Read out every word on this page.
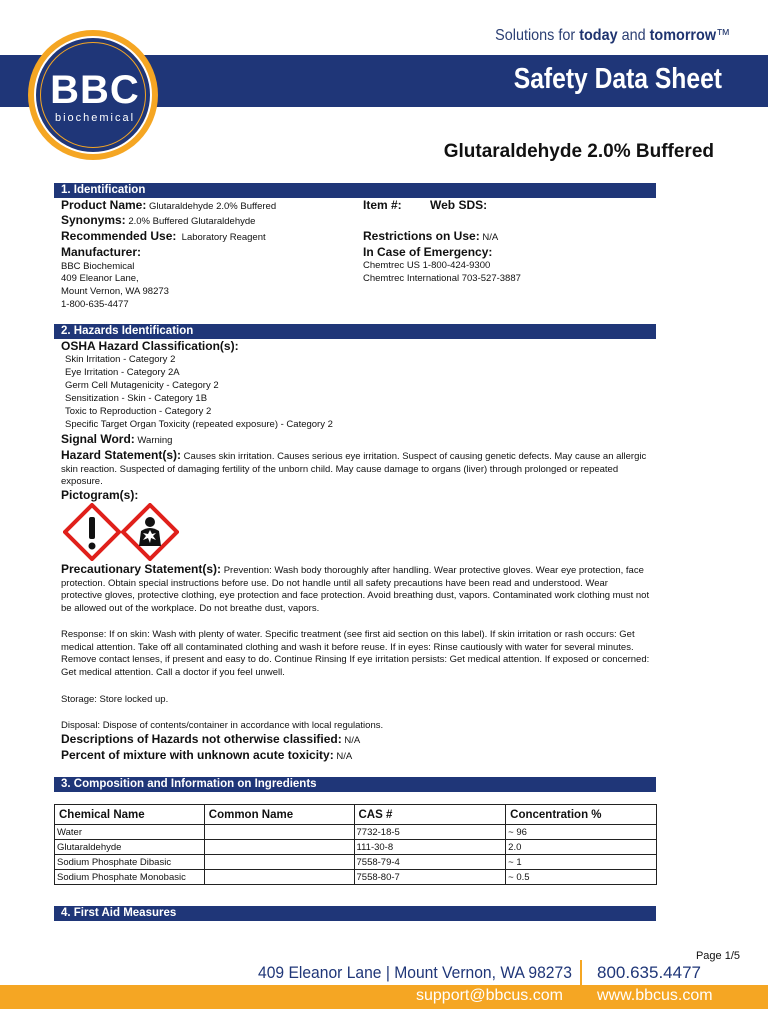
Solutions for today and tomorrow™
Safety Data Sheet
BBC
biochemical
Glutaraldehyde 2.0% Buffered
1. Identification
Product Name: Glutaraldehyde 2.0% Buffered
Synonyms: 2.0% Buffered Glutaraldehyde
Recommended Use: Laboratory Reagent
Manufacturer:
BBC Biochemical
409 Eleanor Lane,
Mount Vernon, WA 98273
1-800-635-4477
Item #: Web SDS:
Restrictions on Use: N/A
In Case of Emergency:
Chemtrec US 1-800-424-9300
Chemtrec International 703-527-3887
2. Hazards Identification
OSHA Hazard Classification(s):
Skin Irritation - Category 2
Eye Irritation - Category 2A
Germ Cell Mutagenicity - Category 2
Sensitization - Skin - Category 1B
Toxic to Reproduction - Category 2
Specific Target Organ Toxicity (repeated exposure) - Category 2
Signal Word: Warning
Hazard Statement(s): Causes skin irritation. Causes serious eye irritation. Suspect of causing genetic defects. May cause an allergic skin reaction. Suspected of damaging fertility of the unborn child. May cause damage to organs (liver) through prolonged or repeated exposure.
Pictogram(s):
Precautionary Statement(s): Prevention: Wash body thoroughly after handling. Wear protective gloves. Wear eye protection, face protection. Obtain special instructions before use. Do not handle until all safety precautions have been read and understood. Wear protective gloves, protective clothing, eye protection and face protection. Avoid breathing dust, vapors. Contaminated work clothing must not be allowed out of the workplace. Do not breathe dust, vapors.
Response: If on skin: Wash with plenty of water. Specific treatment (see first aid section on this label). If skin irritation or rash occurs: Get medical attention. Take off all contaminated clothing and wash it before reuse. If in eyes: Rinse cautiously with water for several minutes. Remove contact lenses, if present and easy to do. Continue Rinsing If eye irritation persists: Get medical attention. If exposed or concerned: Get medical attention. Call a doctor if you feel unwell.
Storage: Store locked up.
Disposal: Dispose of contents/container in accordance with local regulations.
Descriptions of Hazards not otherwise classified: N/A
Percent of mixture with unknown acute toxicity: N/A
3. Composition and Information on Ingredients
Chemical Name	Common Name	CAS #	Concentration %
Water		7732-18-5	~ 96
Glutaraldehyde		111-30-8	2.0
Sodium Phosphate Dibasic		7558-79-4	~ 1
Sodium Phosphate Monobasic		7558-80-7	~ 0.5
4. First Aid Measures
Page 1/5
409 Eleanor Lane | Mount Vernon, WA 98273 800.635.4477
support@bbcus.com www.bbcus.com
